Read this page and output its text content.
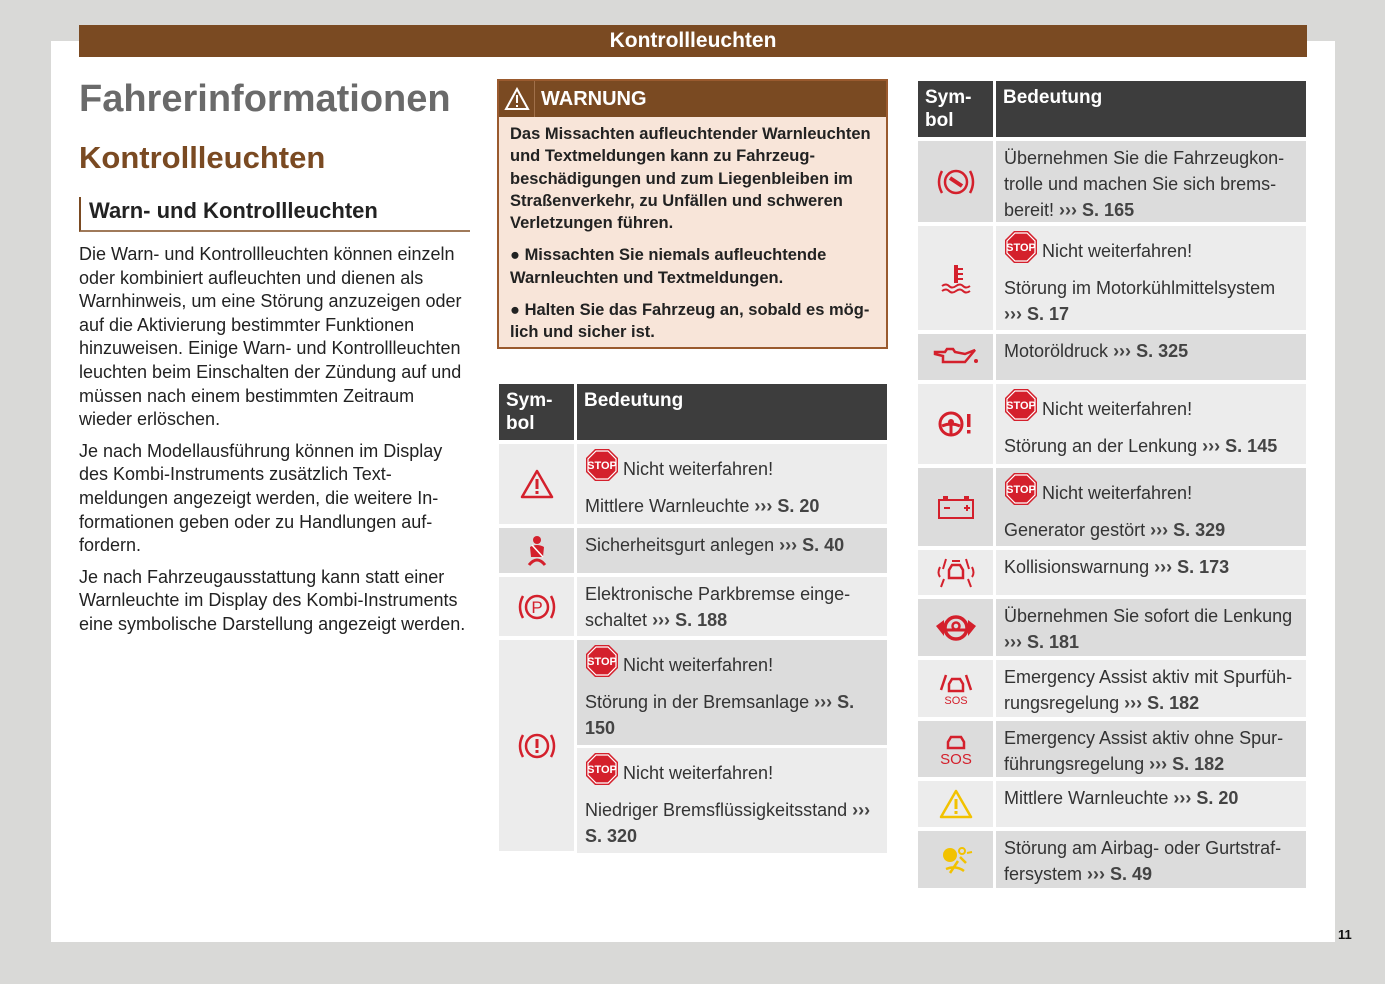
Kontrollleuchten
Fahrerinformationen
Kontrollleuchten
Warn- und Kontrollleuchten

Die Warn- und Kontrollleuchten können einzeln oder kombiniert aufleuchten und dienen als Warnhinweis, um eine Störung anzuzeigen oder auf die Aktivierung bestimmter Funktionen hinzuweisen. Einige Warn- und Kontrollleuchten leuchten beim Einschalten der Zündung auf und müssen nach einem bestimmten Zeitraum wieder erlöschen.

Je nach Modellausführung können im Display des Kombi-Instruments zusätzlich Textmeldungen angezeigt werden, die weitere Informationen geben oder zu Handlungen auffordern.

Je nach Fahrzeugausstattung kann statt einer Warnleuchte im Display des Kombi-Instruments eine symbolische Darstellung angezeigt werden.

WARNUNG

Das Missachten aufleuchtender Warnleuchten und Textmeldungen kann zu Fahrzeugbeschädigungen und zum Liegenbleiben im Straßenverkehr, zu Unfällen und schweren Verletzungen führen.

● Missachten Sie niemals aufleuchtende Warnleuchten und Textmeldungen.

● Halten Sie das Fahrzeug an, sobald es möglich und sicher ist.

Sym-
bol
Bedeutung
STOP Nicht weiterfahren!
Mittlere Warnleuchte ››› S. 20
Sicherheitsgurt anlegen ››› S. 40
P
Elektronische Parkbremse eingeschaltet ››› S. 188
STOP Nicht weiterfahren!
Störung in der Bremsanlage ››› S. 150
STOP Nicht weiterfahren!
Niedriger Bremsflüssigkeitsstand ››› S. 320
Sym-
bol
Bedeutung
Übernehmen Sie die Fahrzeugkontrolle und machen Sie sich bremsbereit! ››› S. 165
STOP Nicht weiterfahren!
Störung im Motorkühlmittelsystem ››› S. 17
Motoröldruck ››› S. 325
STOP Nicht weiterfahren!
Störung an der Lenkung ››› S. 145
STOP Nicht weiterfahren!
Generator gestört ››› S. 329
Kollisionswarnung ››› S. 173
Übernehmen Sie sofort die Lenkung ››› S. 181
SOS
Emergency Assist aktiv mit Spurführungsregelung ››› S. 182
SOS
Emergency Assist aktiv ohne Spurführungsregelung ››› S. 182
Mittlere Warnleuchte ››› S. 20
Störung am Airbag- oder Gurtstraffersystem ››› S. 49
11
